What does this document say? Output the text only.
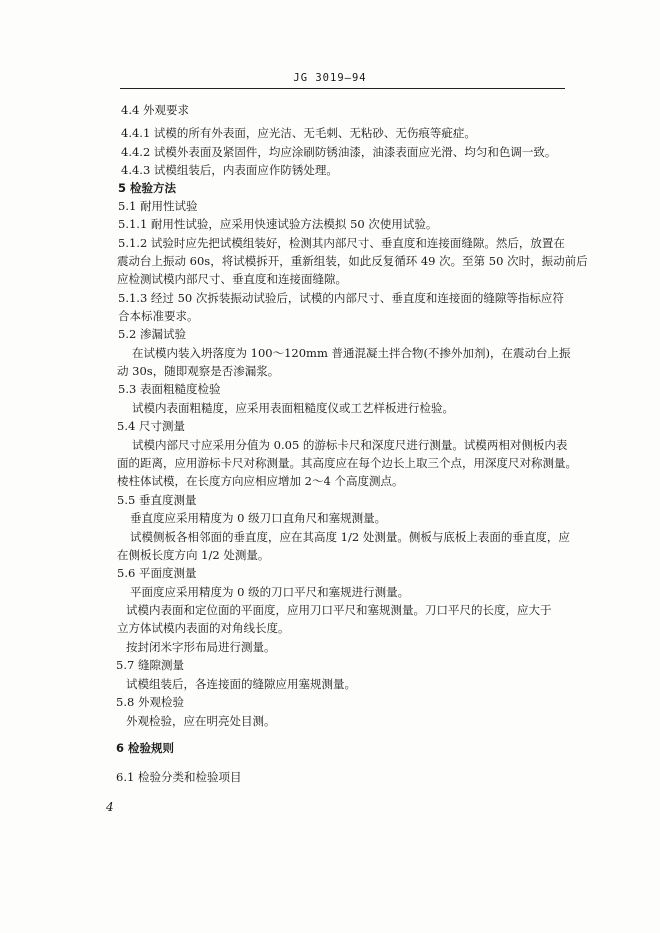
JG 3019—94
4.4 外观要求
4.4.1 试模的所有外表面，应光洁、无毛刺、无粘砂、无伤痕等疵症。
4.4.2 试模外表面及紧固件，均应涂刷防锈油漆，油漆表面应光滑、均匀和色调一致。
4.4.3 试模组装后，内表面应作防锈处理。
5 检验方法
5.1 耐用性试验
5.1.1 耐用性试验，应采用快速试验方法模拟 50 次使用试验。
5.1.2 试验时应先把试模组装好，检测其内部尺寸、垂直度和连接面缝隙。然后，放置在
震动台上振动 60s，将试模拆开，重新组装，如此反复循环 49 次。至第 50 次时，振动前后
应检测试模内部尺寸、垂直度和连接面缝隙。
5.1.3 经过 50 次拆装振动试验后，试模的内部尺寸、垂直度和连接面的缝隙等指标应符
合本标准要求。
5.2 渗漏试验
在试模内装入坍落度为 100～120mm 普通混凝土拌合物(不掺外加剂)，在震动台上振
动 30s，随即观察是否渗漏浆。
5.3 表面粗糙度检验
试模内表面粗糙度，应采用表面粗糙度仪或工艺样板进行检验。
5.4 尺寸测量
试模内部尺寸应采用分值为 0.05 的游标卡尺和深度尺进行测量。试模两相对侧板内表
面的距离，应用游标卡尺对称测量。其高度应在每个边长上取三个点，用深度尺对称测量。
棱柱体试模，在长度方向应相应增加 2～4 个高度测点。
5.5 垂直度测量
垂直度应采用精度为 0 级刀口直角尺和塞规测量。
试模侧板各相邻面的垂直度，应在其高度 1/2 处测量。侧板与底板上表面的垂直度，应
在侧板长度方向 1/2 处测量。
5.6 平面度测量
平面度应采用精度为 0 级的刀口平尺和塞规进行测量。
试模内表面和定位面的平面度，应用刀口平尺和塞规测量。刀口平尺的长度，应大于
立方体试模内表面的对角线长度。
按封闭米字形布局进行测量。
5.7 缝隙测量
试模组装后，各连接面的缝隙应用塞规测量。
5.8 外观检验
外观检验，应在明亮处目测。
6 检验规则
6.1 检验分类和检验项目
4
